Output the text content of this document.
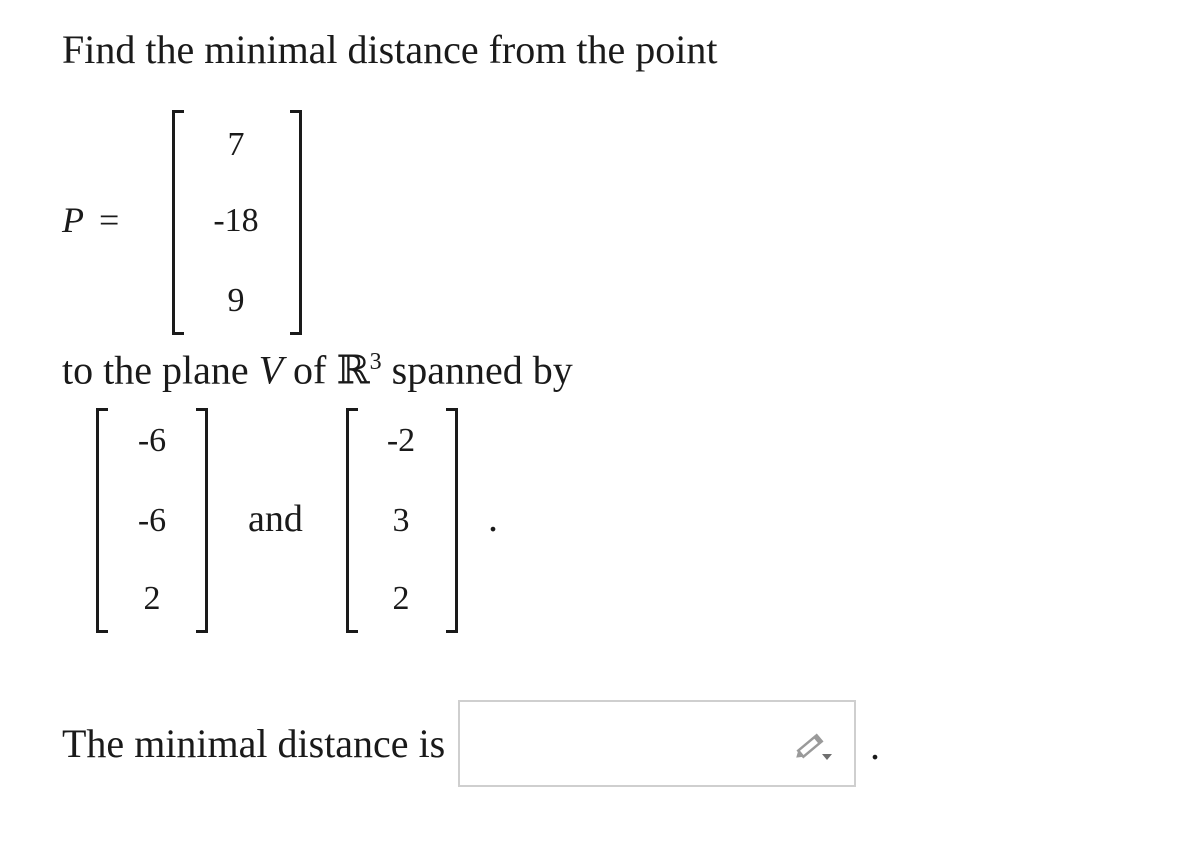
Find the minimal distance from the point
P =
7
-18
9
to the plane V of ℝ$^3$ spanned by
-6
-6
2
and
-2
3
2
.
The minimal distance is	.
